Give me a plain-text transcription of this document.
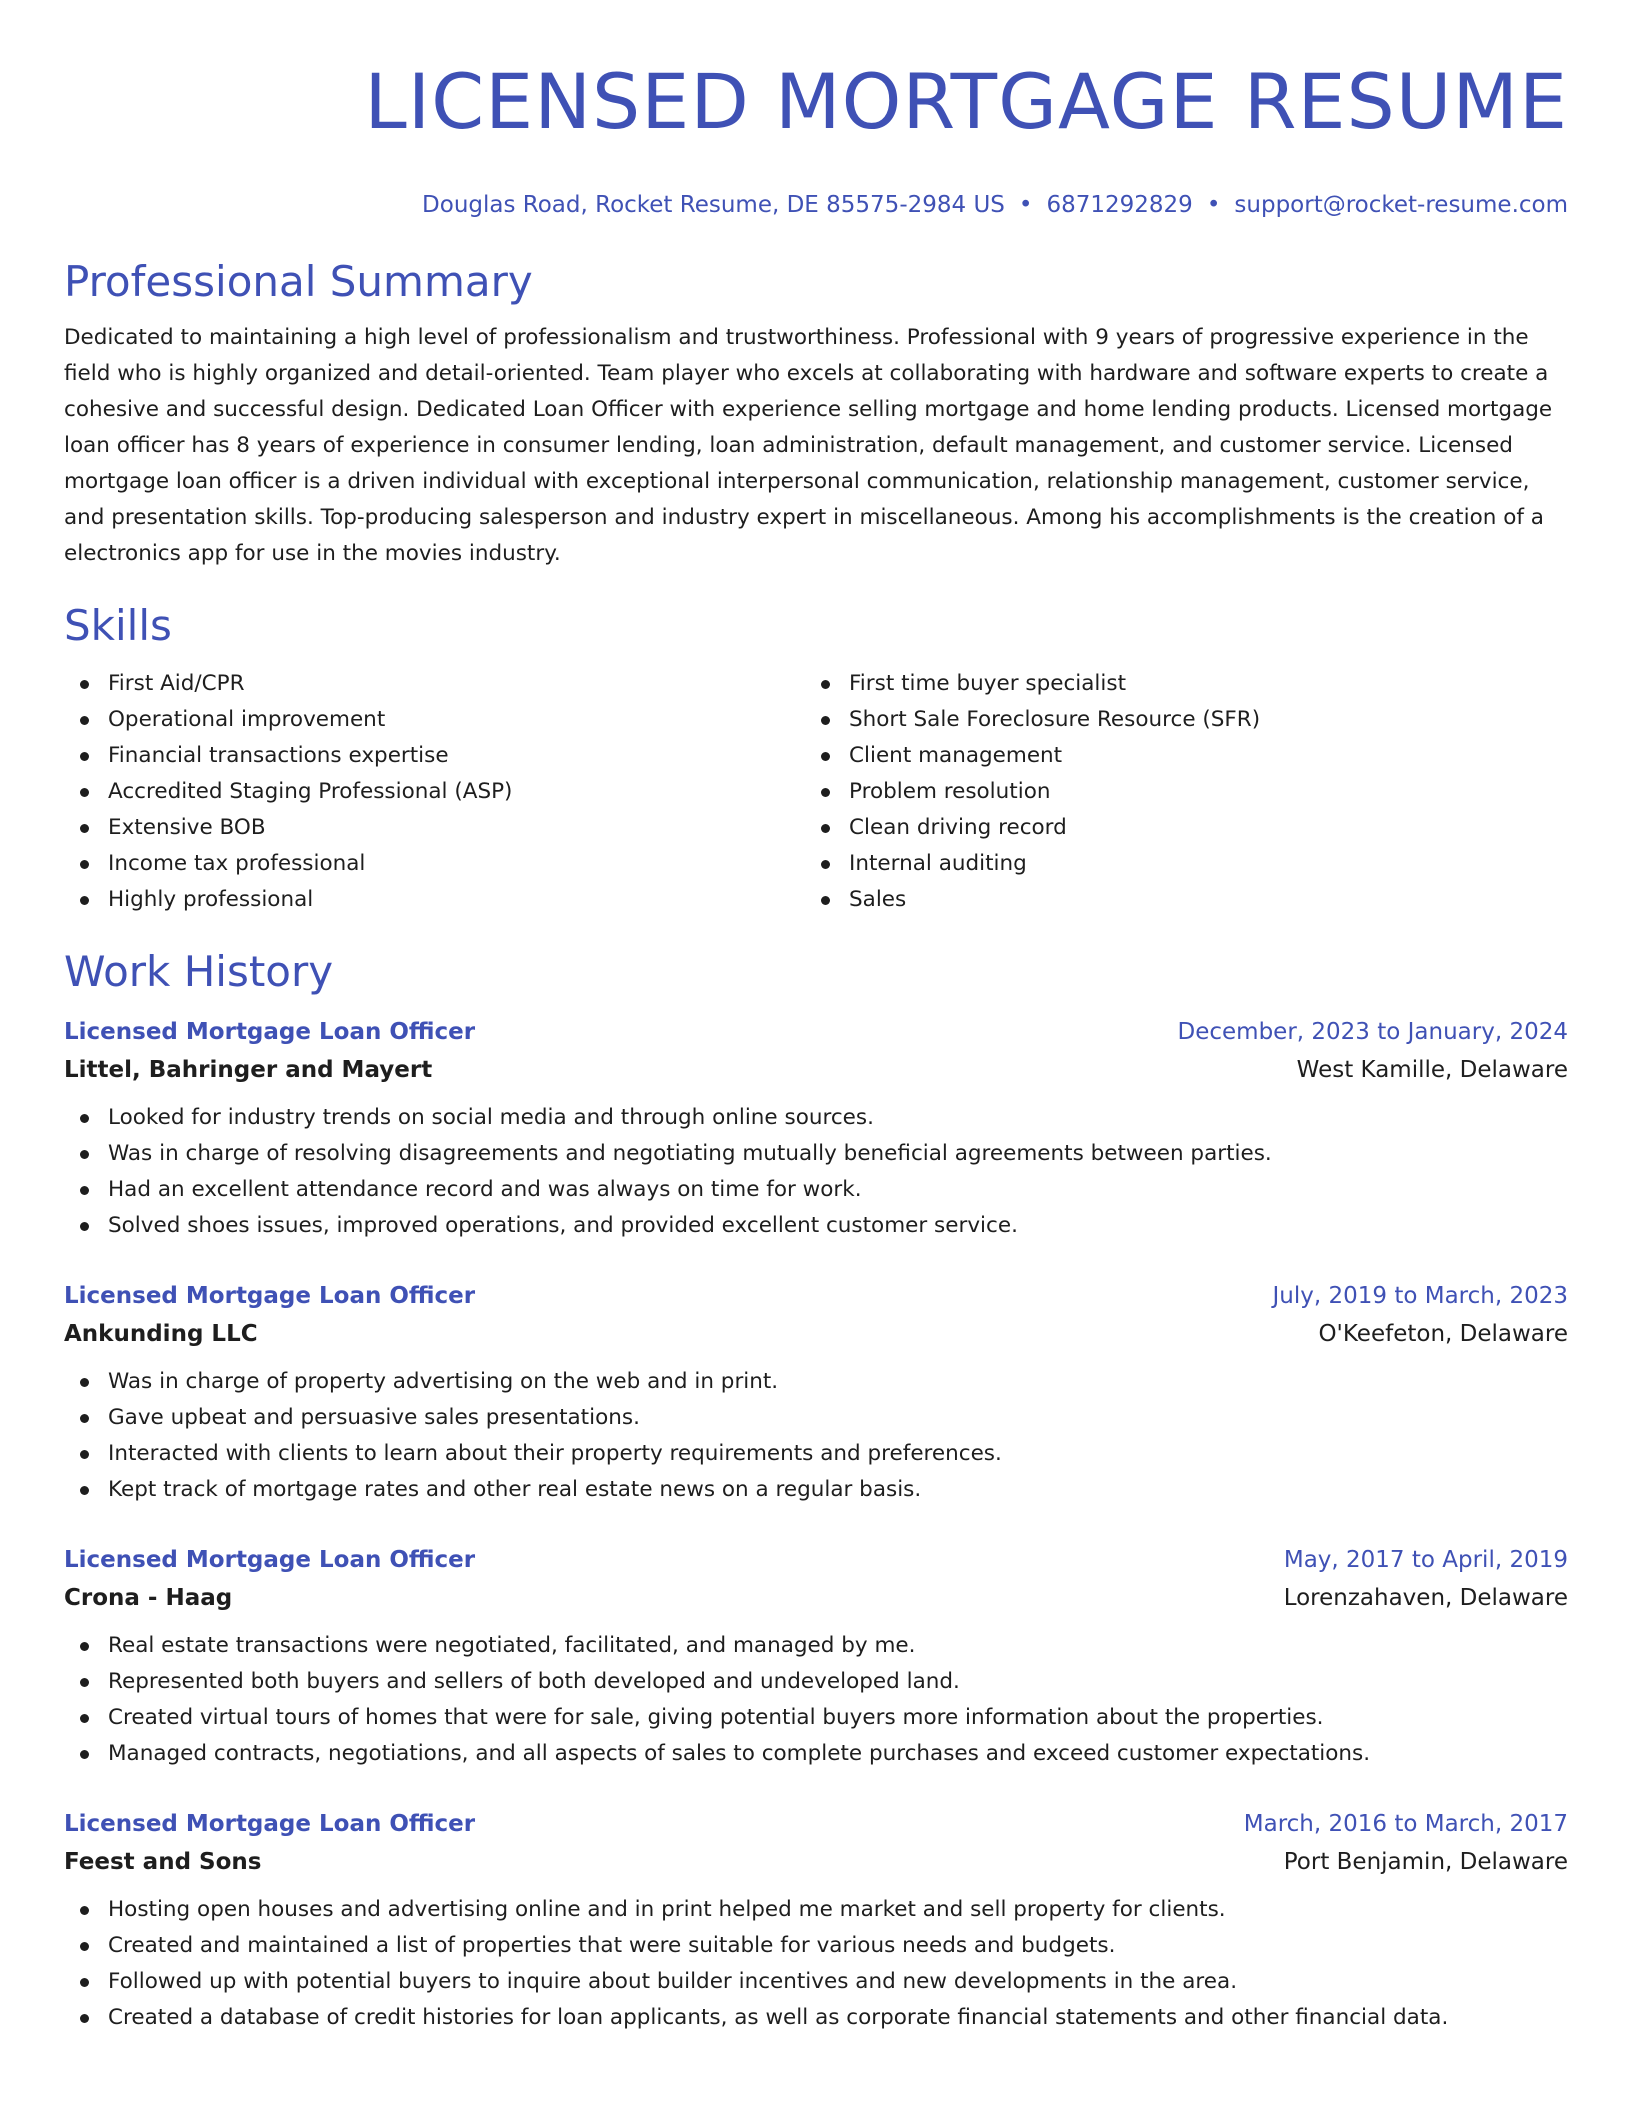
LICENSED MORTGAGE RESUME
Douglas Road, Rocket Resume, DE 85575-2984 US • 6871292829 • support@rocket-resume.com
Professional Summary

Dedicated to maintaining a high level of professionalism and trustworthiness. Professional with 9 years of progressive experience in the field who is highly organized and detail-oriented. Team player who excels at collaborating with hardware and software experts to create a cohesive and successful design. Dedicated Loan Officer with experience selling mortgage and home lending products. Licensed mortgage loan officer has 8 years of experience in consumer lending, loan administration, default management, and customer service. Licensed mortgage loan officer is a driven individual with exceptional interpersonal communication, relationship management, customer service, and presentation skills. Top-producing salesperson and industry expert in miscellaneous. Among his accomplishments is the creation of a electronics app for use in the movies industry.

Skills
First Aid/CPR
Operational improvement
Financial transactions expertise
Accredited Staging Professional (ASP)
Extensive BOB
Income tax professional
Highly professional
First time buyer specialist
Short Sale Foreclosure Resource (SFR)
Client management
Problem resolution
Clean driving record
Internal auditing
Sales
Work History
Licensed Mortgage Loan Officer	December, 2023 to January, 2024
Littel, Bahringer and Mayert	West Kamille, Delaware
Looked for industry trends on social media and through online sources.
Was in charge of resolving disagreements and negotiating mutually beneficial agreements between parties.
Had an excellent attendance record and was always on time for work.
Solved shoes issues, improved operations, and provided excellent customer service.
Licensed Mortgage Loan Officer	July, 2019 to March, 2023
Ankunding LLC	O'Keefeton, Delaware
Was in charge of property advertising on the web and in print.
Gave upbeat and persuasive sales presentations.
Interacted with clients to learn about their property requirements and preferences.
Kept track of mortgage rates and other real estate news on a regular basis.
Licensed Mortgage Loan Officer	May, 2017 to April, 2019
Crona - Haag	Lorenzahaven, Delaware
Real estate transactions were negotiated, facilitated, and managed by me.
Represented both buyers and sellers of both developed and undeveloped land.
Created virtual tours of homes that were for sale, giving potential buyers more information about the properties.
Managed contracts, negotiations, and all aspects of sales to complete purchases and exceed customer expectations.
Licensed Mortgage Loan Officer	March, 2016 to March, 2017
Feest and Sons	Port Benjamin, Delaware
Hosting open houses and advertising online and in print helped me market and sell property for clients.
Created and maintained a list of properties that were suitable for various needs and budgets.
Followed up with potential buyers to inquire about builder incentives and new developments in the area.
Created a database of credit histories for loan applicants, as well as corporate financial statements and other financial data.
